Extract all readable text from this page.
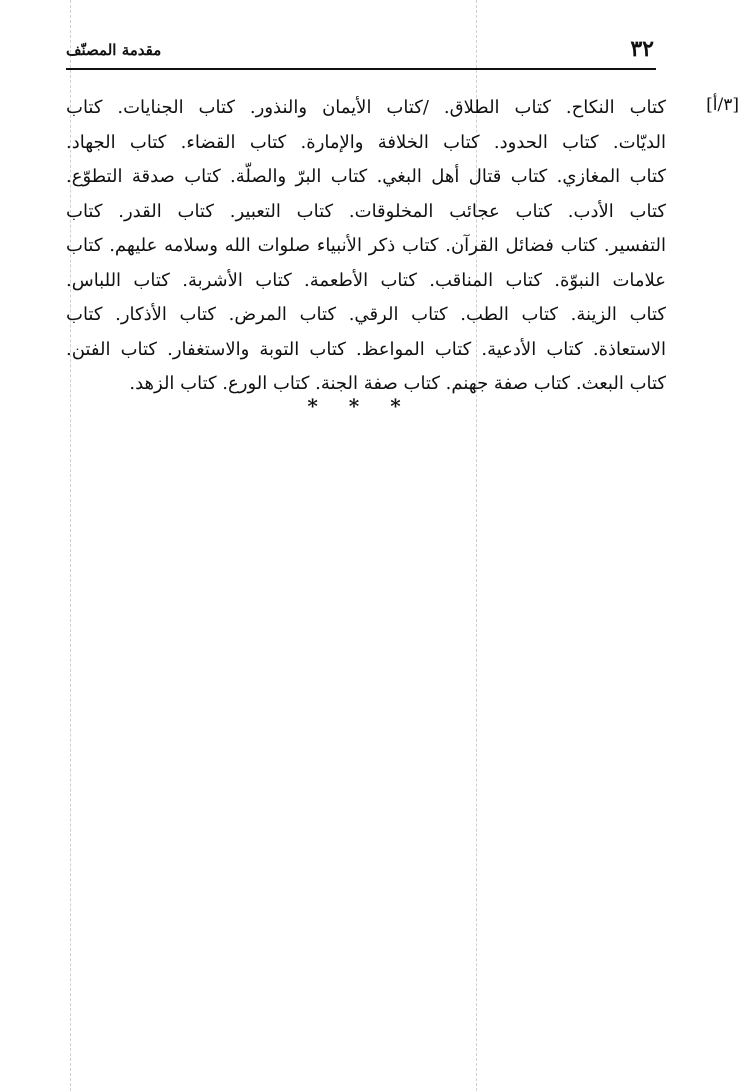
٣٢
مقدمة المصنّف
[٣/أ]
كتاب النكاح. كتاب الطلاق. /كتاب الأيمان والنذور. كتاب الجنايات. كتاب
الديّات. كتاب الحدود. كتاب الخلافة والإمارة. كتاب القضاء. كتاب الجهاد.
كتاب المغازي. كتاب قتال أهل البغي. كتاب البرّ والصلّة. كتاب صدقة التطوّع.
كتاب الأدب. كتاب عجائب المخلوقات. كتاب التعبير. كتاب القدر. كتاب
التفسير. كتاب فضائل القرآن. كتاب ذكر الأنبياء صلوات الله وسلامه عليهم. كتاب
علامات النبوّة. كتاب المناقب. كتاب الأطعمة. كتاب الأشربة. كتاب اللباس.
كتاب الزينة. كتاب الطب. كتاب الرقي. كتاب المرض. كتاب الأذكار. كتاب
الاستعاذة. كتاب الأدعية. كتاب المواعظ. كتاب التوبة والاستغفار. كتاب الفتن.
كتاب البعث. كتاب صفة جهنم. كتاب صفة الجنة. كتاب الورع. كتاب الزهد.
* * *
